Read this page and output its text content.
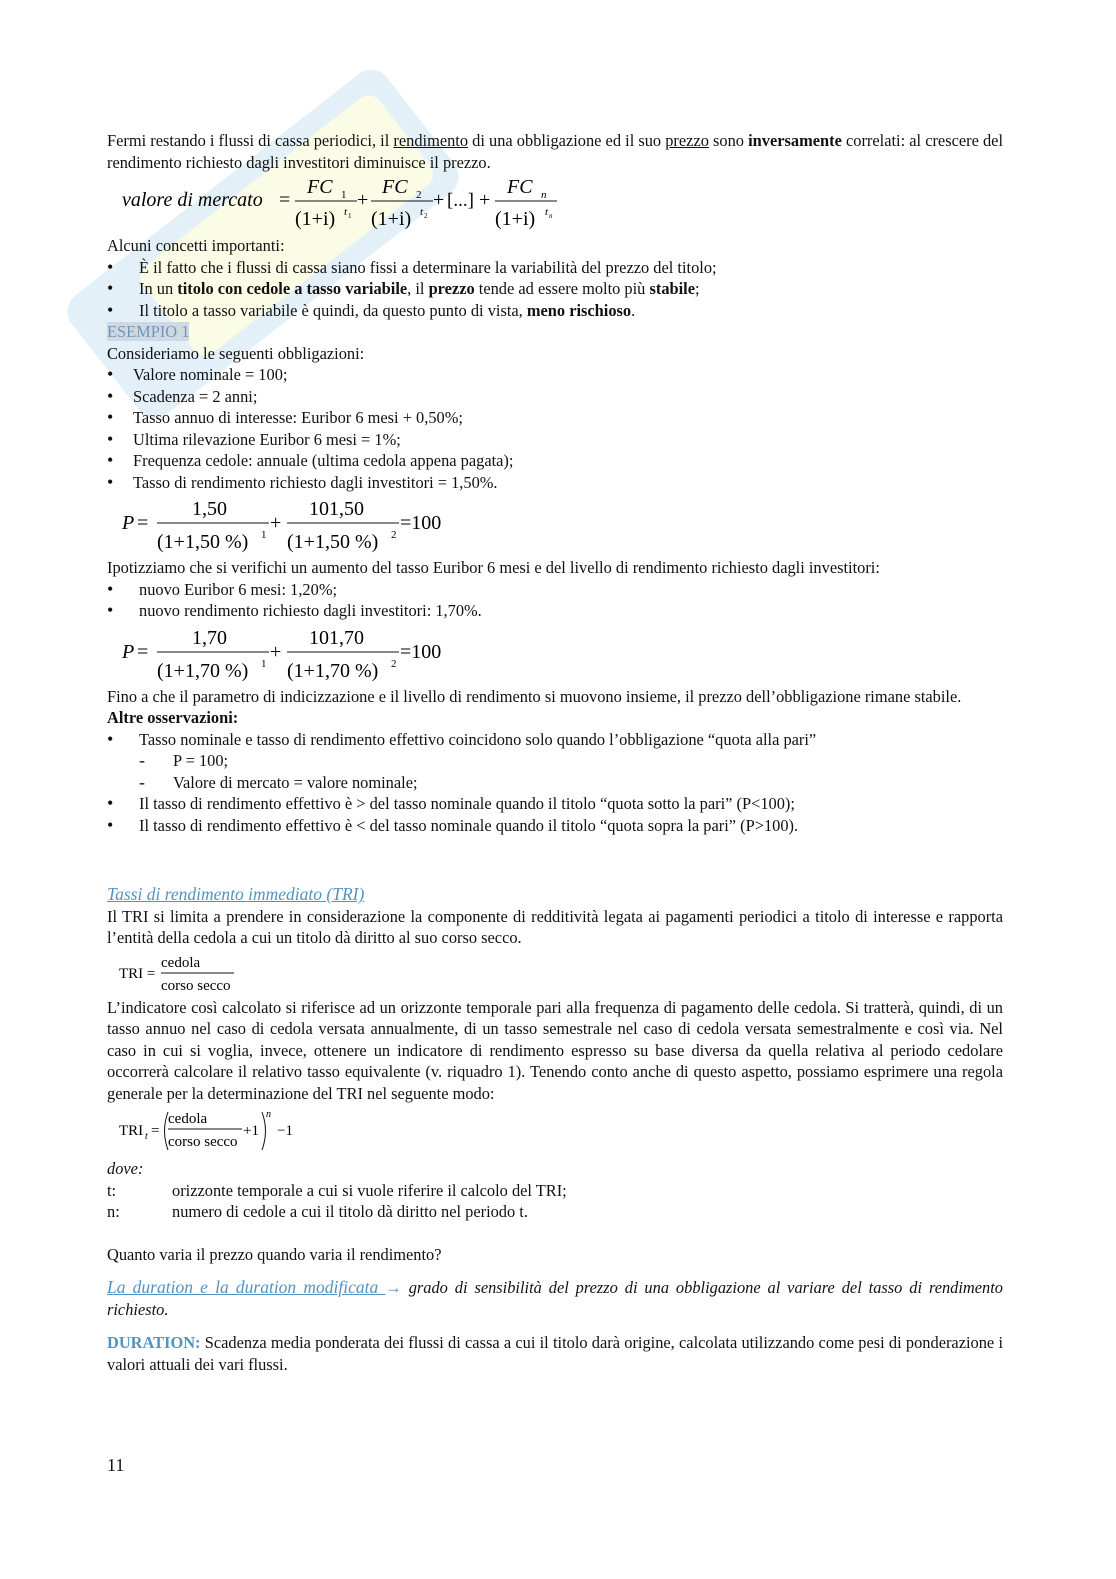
Fermi restando i flussi di cassa periodici, il rendimento di una obbligazione ed il suo prezzo sono inversamente correlati: al crescere del rendimento richiesto dagli investitori diminuisce il prezzo.

valore di mercato =
FC 1
(1+i) t 1
+
FC 2
(1+i) t 2
+ [...] +
FC n
(1+i) t n

Alcuni concetti importanti:

• È il fatto che i flussi di cassa siano fissi a determinare la variabilità del prezzo del titolo;
• In un titolo con cedole a tasso variabile, il prezzo tende ad essere molto più stabile;
• Il titolo a tasso variabile è quindi, da questo punto di vista, meno rischioso.

ESEMPIO 1

Consideriamo le seguenti obbligazioni:

• Valore nominale = 100;
• Scadenza = 2 anni;
• Tasso annuo di interesse: Euribor 6 mesi + 0,50%;
• Ultima rilevazione Euribor 6 mesi = 1%;
• Frequenza cedole: annuale (ultima cedola appena pagata);
• Tasso di rendimento richiesto dagli investitori = 1,50%.
P =
1,50
(1+1,50 %) 1
+
101,50
(1+1,50 %) 2
=100

Ipotizziamo che si verifichi un aumento del tasso Euribor 6 mesi e del livello di rendimento richiesto dagli investitori:

• nuovo Euribor 6 mesi: 1,20%;
• nuovo rendimento richiesto dagli investitori: 1,70%.
P =
1,70
(1+1,70 %) 1
+
101,70
(1+1,70 %) 2
=100

Fino a che il parametro di indicizzazione e il livello di rendimento si muovono insieme, il prezzo dell’obbligazione rimane stabile.

Altre osservazioni:

• Tasso nominale e tasso di rendimento effettivo coincidono solo quando l’obbligazione “quota alla pari”
- P = 100;
- Valore di mercato = valore nominale;
• Il tasso di rendimento effettivo è > del tasso nominale quando il titolo “quota sotto la pari” (P<100);
• Il tasso di rendimento effettivo è < del tasso nominale quando il titolo “quota sopra la pari” (P>100).

Tassi di rendimento immediato (TRI)

Il TRI si limita a prendere in considerazione la componente di redditività legata ai pagamenti periodici a titolo di interesse e rapporta l’entità della cedola a cui un titolo dà diritto al suo corso secco.

TRI =
cedola
corso secco

L’indicatore così calcolato si riferisce ad un orizzonte temporale pari alla frequenza di pagamento delle cedola. Si tratterà, quindi, di un tasso annuo nel caso di cedola versata annualmente, di un tasso semestrale nel caso di cedola versata semestralmente e così via. Nel caso in cui si voglia, invece, ottenere un indicatore di rendimento espresso su base diversa da quella relativa al periodo cedolare occorrerà calcolare il relativo tasso equivalente (v. riquadro 1). Tenendo conto anche di questo aspetto, possiamo esprimere una regola generale per la determinazione del TRI nel seguente modo:

TRI t =
cedola
corso secco
+1
n
−1

dove:

t:	orizzonte temporale a cui si vuole riferire il calcolo del TRI;
n:	numero di cedole a cui il titolo dà diritto nel periodo t.

Quanto varia il prezzo quando varia il rendimento?

La duration e la duration modificata → grado di sensibilità del prezzo di una obbligazione al variare del tasso di rendimento richiesto.

DURATION: Scadenza media ponderata dei flussi di cassa a cui il titolo darà origine, calcolata utilizzando come pesi di ponderazione i valori attuali dei vari flussi.

11
